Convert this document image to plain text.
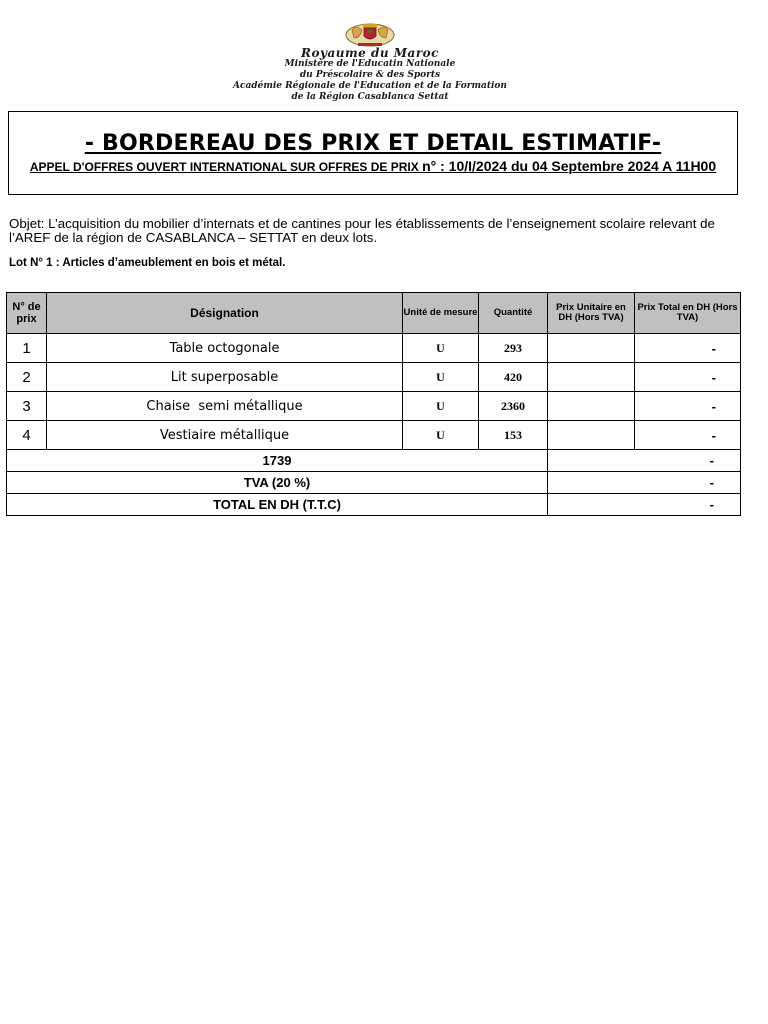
Royaume du Maroc
Ministère de l'Educatin Nationale
du Préscolaire & des Sports
Académie Régionale de l'Education et de la Formation
de la Région Casablanca Settat
- BORDEREAU DES PRIX ET DETAIL ESTIMATIF-
APPEL D'OFFRES OUVERT INTERNATIONAL SUR OFFRES DE PRIX n° : 10/I/2024 du 04 Septembre 2024 A 11H00
Objet: L’acquisition du mobilier d’internats et de cantines pour les établissements de l’enseignement scolaire relevant de l’AREF de la région de CASABLANCA – SETTAT en deux lots.
Lot N° 1 : Articles d’ameublement en bois et métal.
N° de prix	Désignation	Unité de mesure	Quantité	Prix Unitaire en DH (Hors TVA)	Prix Total en DH (Hors TVA)
1	Table octogonale	U	293		-
2	Lit superposable	U	420		-
3	Chaise  semi métallique	U	2360		-
4	Vestiaire métallique	U	153		-
1739				-	
TVA (20 %)				-	
TOTAL EN DH (T.T.C)				-	
